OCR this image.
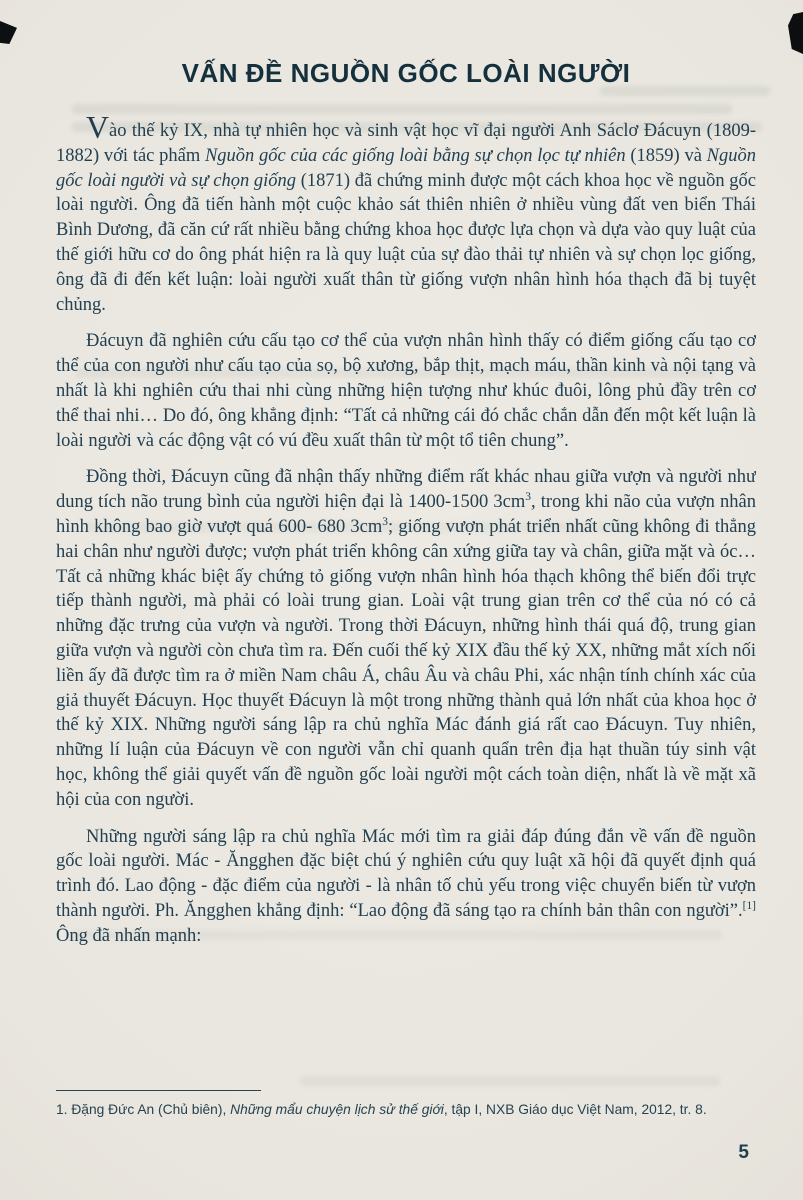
VẤN ĐỀ NGUỒN GỐC LOÀI NGƯỜI

Vào thế kỷ IX, nhà tự nhiên học và sinh vật học vĩ đại người Anh Sáclơ Đácuyn (1809-1882) với tác phẩm Nguồn gốc của các giống loài bằng sự chọn lọc tự nhiên (1859) và Nguồn gốc loài người và sự chọn giống (1871) đã chứng minh được một cách khoa học về nguồn gốc loài người. Ông đã tiến hành một cuộc khảo sát thiên nhiên ở nhiều vùng đất ven biển Thái Bình Dương, đã căn cứ rất nhiều bằng chứng khoa học được lựa chọn và dựa vào quy luật của thế giới hữu cơ do ông phát hiện ra là quy luật của sự đào thải tự nhiên và sự chọn lọc giống, ông đã đi đến kết luận: loài người xuất thân từ giống vượn nhân hình hóa thạch đã bị tuyệt chủng.

Đácuyn đã nghiên cứu cấu tạo cơ thể của vượn nhân hình thấy có điểm giống cấu tạo cơ thể của con người như cấu tạo của sọ, bộ xương, bắp thịt, mạch máu, thần kinh và nội tạng và nhất là khi nghiên cứu thai nhi cùng những hiện tượng như khúc đuôi, lông phủ đầy trên cơ thể thai nhi… Do đó, ông khẳng định: “Tất cả những cái đó chắc chắn dẫn đến một kết luận là loài người và các động vật có vú đều xuất thân từ một tổ tiên chung”.

Đồng thời, Đácuyn cũng đã nhận thấy những điểm rất khác nhau giữa vượn và người như dung tích não trung bình của người hiện đại là 1400-1500 $3cm^3$, trong khi não của vượn nhân hình không bao giờ vượt quá 600- 680 $3cm^3$; giống vượn phát triển nhất cũng không đi thẳng hai chân như người được; vượn phát triển không cân xứng giữa tay và chân, giữa mặt và óc… Tất cả những khác biệt ấy chứng tỏ giống vượn nhân hình hóa thạch không thể biến đổi trực tiếp thành người, mà phải có loài trung gian. Loài vật trung gian trên cơ thể của nó có cả những đặc trưng của vượn và người. Trong thời Đácuyn, những hình thái quá độ, trung gian giữa vượn và người còn chưa tìm ra. Đến cuối thế kỷ XIX đầu thế kỷ XX, những mắt xích nối liền ấy đã được tìm ra ở miền Nam châu Á, châu Âu và châu Phi, xác nhận tính chính xác của giả thuyết Đácuyn. Học thuyết Đácuyn là một trong những thành quả lớn nhất của khoa học ở thế kỷ XIX. Những người sáng lập ra chủ nghĩa Mác đánh giá rất cao Đácuyn. Tuy nhiên, những lí luận của Đácuyn về con người vẫn chỉ quanh quẩn trên địa hạt thuần túy sinh vật học, không thể giải quyết vấn đề nguồn gốc loài người một cách toàn diện, nhất là về mặt xã hội của con người.

Những người sáng lập ra chủ nghĩa Mác mới tìm ra giải đáp đúng đắn về vấn đề nguồn gốc loài người. Mác - Ăngghen đặc biệt chú ý nghiên cứu quy luật xã hội đã quyết định quá trình đó. Lao động - đặc điểm của người - là nhân tố chủ yếu trong việc chuyển biến từ vượn thành người. Ph. Ăngghen khẳng định: “Lao động đã sáng tạo ra chính bản thân con người”.[1] Ông đã nhấn mạnh:

1. Đặng Đức An (Chủ biên), Những mẩu chuyện lịch sử thế giới, tập I, NXB Giáo dục Việt Nam, 2012, tr. 8.

5
